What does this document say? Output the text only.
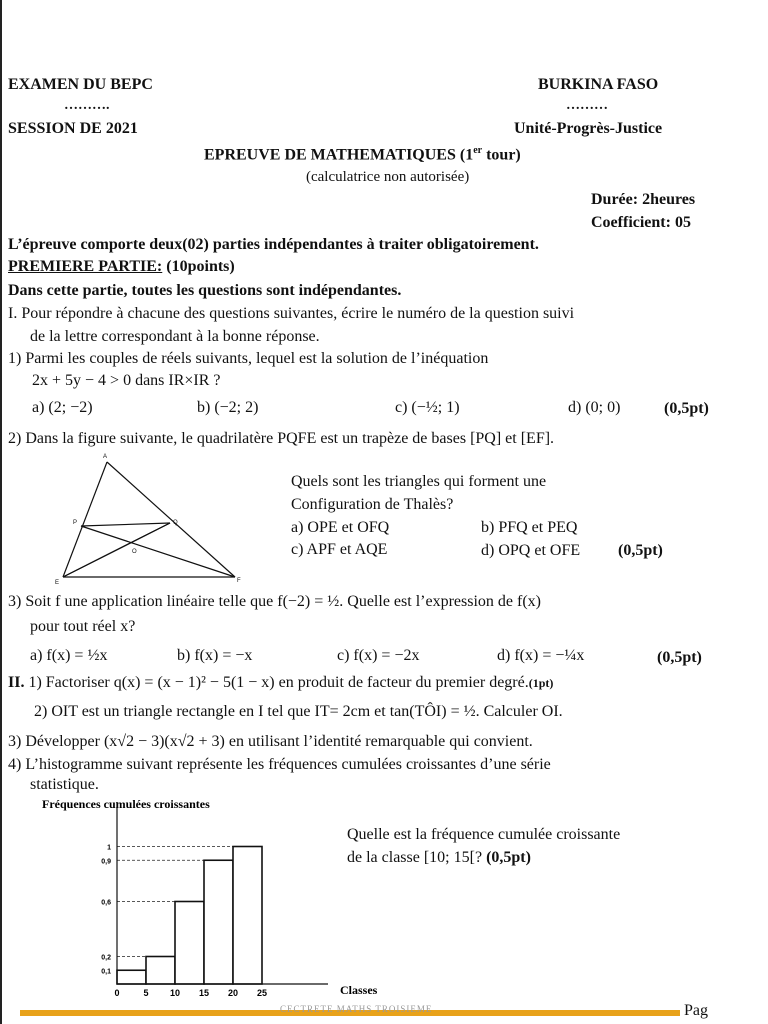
EXAMEN DU BEPC
……….
SESSION DE 2021
BURKINA FASO
………
Unité-Progrès-Justice
EPREUVE DE MATHEMATIQUES (1er tour)
(calculatrice non autorisée)
Durée: 2heures
Coefficient: 05
L’épreuve comporte deux(02) parties indépendantes à traiter obligatoirement.
PREMIERE PARTIE: (10points)
Dans cette partie, toutes les questions sont indépendantes.
I. Pour répondre à chacune des questions suivantes, écrire le numéro de la question suivi
de la lettre correspondant à la bonne réponse.
1) Parmi les couples de réels suivants, lequel est la solution de l’inéquation
2x + 5y − 4 > 0 dans IR×IR ?
a) (2; −2)	b) (−2; 2)	c) (−½; 1)	d) (0; 0)	(0,5pt)
2) Dans la figure suivante, le quadrilatère PQFE est un trapèze de bases [PQ] et [EF].
A
P	Q
O
E	F
Quels sont les triangles qui forment une
Configuration de Thalès?
a) OPE et OFQ	b) PFQ et PEQ
c) APF et AQE	d) OPQ et OFE (0,5pt)
3) Soit f une application linéaire telle que f(−2) = ½. Quelle est l’expression de f(x)
pour tout réel x?
a) f(x) = ½x	b) f(x) = −x	c) f(x) = −2x	d) f(x) = −¼x	(0,5pt)
II. 1) Factoriser q(x) = (x − 1)² − 5(1 − x) en produit de facteur du premier degré.(1pt)
2) OIT est un triangle rectangle en I tel que IT= 2cm et tan(TÔI) = ½. Calculer OI.
3) Développer (x√2 − 3)(x√2 + 3) en utilisant l’identité remarquable qui convient.
4) L’histogramme suivant représente les fréquences cumulées croissantes d’une série
statistique.
Fréquences cumulées croissantes
Classes
0	5 10 15 20 25
0,1
0,2
0,6
0,9
1
Quelle est la fréquence cumulée croissante
de la classe [10; 15[? (0,5pt)
CECTRETE MATHS TROISIEME	Pag
